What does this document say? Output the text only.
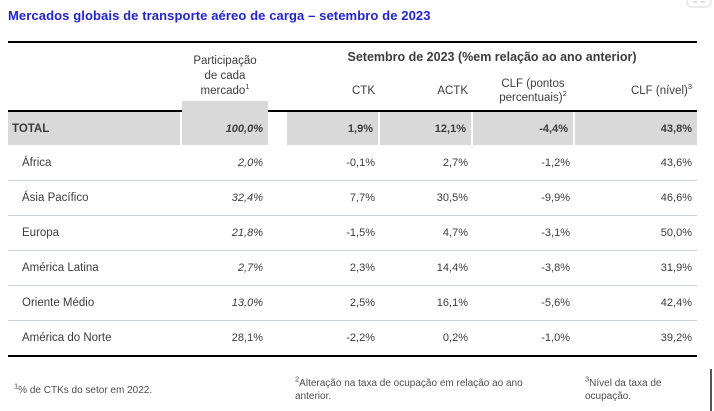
Mercados globais de transporte aéreo de carga – setembro de 2023
Participação de cada mercado$^1$
Setembro de 2023 (%em relação ao ano anterior)
CTK	ACTK
CLF (pontos percentuais)$^2$	CLF (nível)$^3$
TOTAL	100,0%	1,9%	12,1%	-4,4%	43,8%
África	2,0%	-0,1%	2,7%	-1,2%	43,6%
Ásia Pacífico	32,4%	7,7%	30,5%	-9,9%	46,6%
Europa	21,8%	-1,5%	4,7%	-3,1%	50,0%
América Latina	2,7%	2,3%	14,4%	-3,8%	31,9%
Oriente Médio	13,0%	2,5%	16,1%	-5,6%	42,4%
América do Norte	28,1%	-2,2%	0,2%	-1,0%	39,2%
$^1$% de CTKs do setor em 2022.
$^2$Alteração na taxa de ocupação em relação ao ano anterior.
$^3$Nível da taxa de ocupação.
